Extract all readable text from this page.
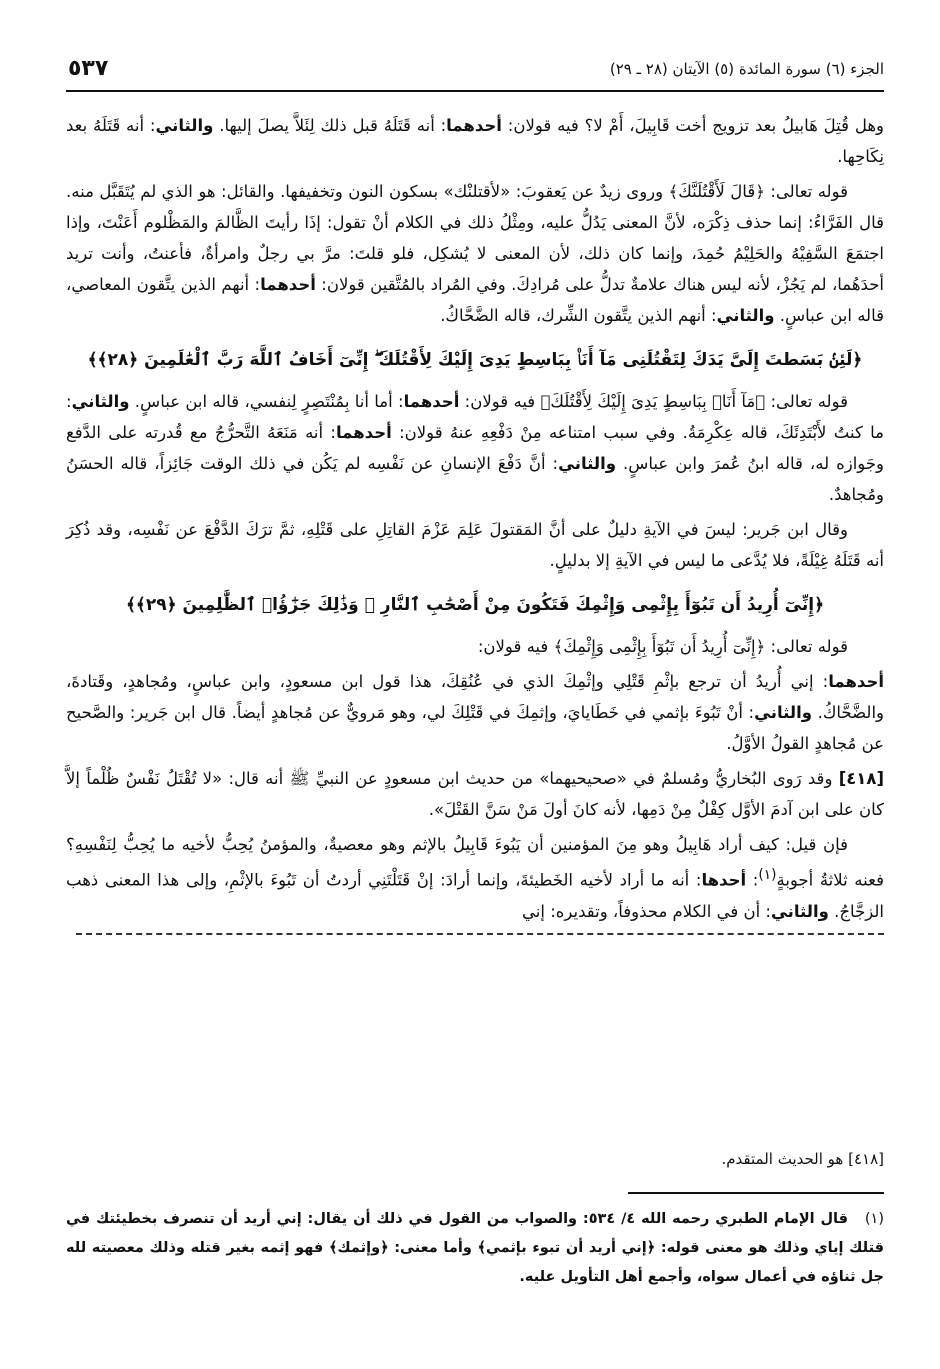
الجزء (٦) سورة المائدة (٥) الآيتان (٢٨ ـ ٢٩)
٥٣٧

وهل قُتِلَ هَابيلُ بعد تزويج أخت قَابِيلَ، أَمْ لا؟ فيه قولان: أحدهما: أنه قَتَلَهُ قبل ذلك لِئَلاَّ يصلَ إليها. والثاني: أنه قَتَلَهُ بعد نِكَاحِها.

قوله تعالى: ﴿قَالَ لَأَقْتُلَنَّكَ﴾ وروى زيدٌ عن يَعقوبَ: «لأقتلنْك» بسكون النون وتخفيفها. والقائل: هو الذي لم يُتَقَبَّل منه. قال الفَرَّاءُ: إنما حذف ذِكْرَه، لأنَّ المعنى يَدُلُّ عليه، ومِثْلُ ذلك في الكلام أنْ تقول: إذَا رأيتَ الظَّالمَ والمَظْلوم أَعَنْتَ، وإذا اجتمَعَ السَّفِيْهُ والحَلِيْمُ حُمِدَ، وإنما كان ذلك، لأن المعنى لا يُشكِل، فلو قلتَ: مرَّ بي رجلٌ وامرأةٌ، فأعنتُ، وأنت تريد أحدَهُما، لم يَجُزْ، لأنه ليس هناك علامةٌ تدلُّ على مُرادِكَ. وفي المُراد بالمُتَّقين قولان: أحدهما: أنهم الذين يتَّقون المعاصي، قاله ابن عباسٍ. والثاني: أنهم الذين يتَّقون الشِّرك، قاله الضَّحَّاكُ.

﴿لَئِنۢ بَسَطتَ إِلَىَّ يَدَكَ لِتَقْتُلَنِى مَآ أَنَا۠ بِبَاسِطٍ يَدِىَ إِلَيْكَ لِأَقْتُلَكَ ۖ إِنِّىٓ أَخَافُ ٱللَّهَ رَبَّ ٱلْعَٰلَمِينَ ﴿٢٨﴾﴾

قوله تعالى: ﴿مَآ أَنَا۠ بِبَاسِطٍ يَدِىَ إِلَيْكَ لِأَقْتُلَكَ﴾ فيه قولان: أحدهما: أما أنا بِمُنْتَصِرٍ لِنفسي، قاله ابن عباسٍ. والثاني: ما كنتُ لأَبْتَدِئَكَ، قاله عِكْرِمَةُ. وفي سبب امتناعه مِنْ دَفْعِهِ عنهُ قولان: أحدهما: أنه مَنَعَهُ التَّحرُّجُ مع قُدرته على الدَّفع وجَوازه له، قاله ابنُ عُمرَ وابن عباسٍ. والثاني: أنَّ دَفْعَ الإنسانِ عن نَفْسِه لم يَكُن في ذلك الوقت جَائِزاً، قاله الحسَنُ ومُجاهدٌ.

وقال ابن جَرير: ليسَ في الآيةِ دليلٌ على أنَّ المَقتولَ عَلِمَ عَزْمَ القاتِلِ على قَتْلِهِ، ثمَّ ترَكَ الدَّفْعَ عن نَفْسِه، وقد ذُكِرَ أنه قَتَلَهُ غِيْلَةً، فلا يُدَّعى ما ليس في الآيةِ إلا بدليلٍ.

﴿إِنِّىٓ أُرِيدُ أَن تَبُوٓأَ بِإِثْمِى وَإِثْمِكَ فَتَكُونَ مِنْ أَصْحَٰبِ ٱلنَّارِ ۚ وَذَٰلِكَ جَزَٰٓؤُا۟ ٱلظَّٰلِمِينَ ﴿٢٩﴾﴾

قوله تعالى: ﴿إِنِّىٓ أُرِيدُ أَن تَبُوٓأَ بِإِثْمِى وَإِثْمِكَ﴾ فيه قولان:

أحدهما: إني أُريدُ أن ترجع بإثْمِ قَتْلِي وإثْمِكَ الذي في عُنُقِكَ، هذا قول ابن مسعودٍ، وابن عباسٍ، ومُجاهدٍ، وقَتادةَ، والضَّحَّاكُ. والثاني: أنْ تَبُوءَ بإثمي في خَطَايايَ، وإثمِكَ في قَتْلِكَ لي، وهو مَرويٌّ عن مُجاهدٍ أيضاً. قال ابن جَرير: والصَّحيح عن مُجاهدٍ القولُ الأوَّلُ.

[٤١٨] وقد رَوى البُخاريُّ ومُسلمٌ في «صحيحيهما» من حديث ابن مسعودٍ عن النبيِّ ﷺ أنه قال: «لا تُقْتَلُ نَفْسٌ ظُلْماً إلاَّ كان على ابن آدمَ الأوَّل كِفْلٌ مِنْ دَمِها، لأنه كانَ أولَ مَنْ سَنَّ القَتْلَ».

فإن قيل: كيف أراد هَابِيلُ وهو مِنَ المؤمنين أن يَبُوءَ قَابِيلُ بالإثم وهو معصيةٌ، والمؤمنُ يُحِبُّ لأخيه ما يُحِبُّ لِنَفْسِهِ؟ فعنه ثلاثةُ أجوبةٍ$^{(١)}$: أحدها: أنه ما أراد لأخيه الخَطيئةَ، وإنما أرادَ: إنْ قَتَلْتَنِي أردتُ أن تَبُوءَ بالإثْمِ، وإلى هذا المعنى ذهب الزجَّاجُ. والثاني: أن في الكلام محذوفاً، وتقديره: إني

[٤١٨] هو الحديث المتقدم.
(١)قال الإمام الطبري رحمه الله ٤/ ٥٣٤: والصواب من القول في ذلك أن يقال: إني أريد أن تنصرف بخطيئتك في قتلك إياي وذلك هو معنى قوله: ﴿إني أريد أن تبوء بإثمي﴾ وأما معنى: ﴿وإثمك﴾ فهو إثمه بغير قتله وذلك معصيته لله جل ثناؤه في أعمال سواه، وأجمع أهل التأويل عليه.
